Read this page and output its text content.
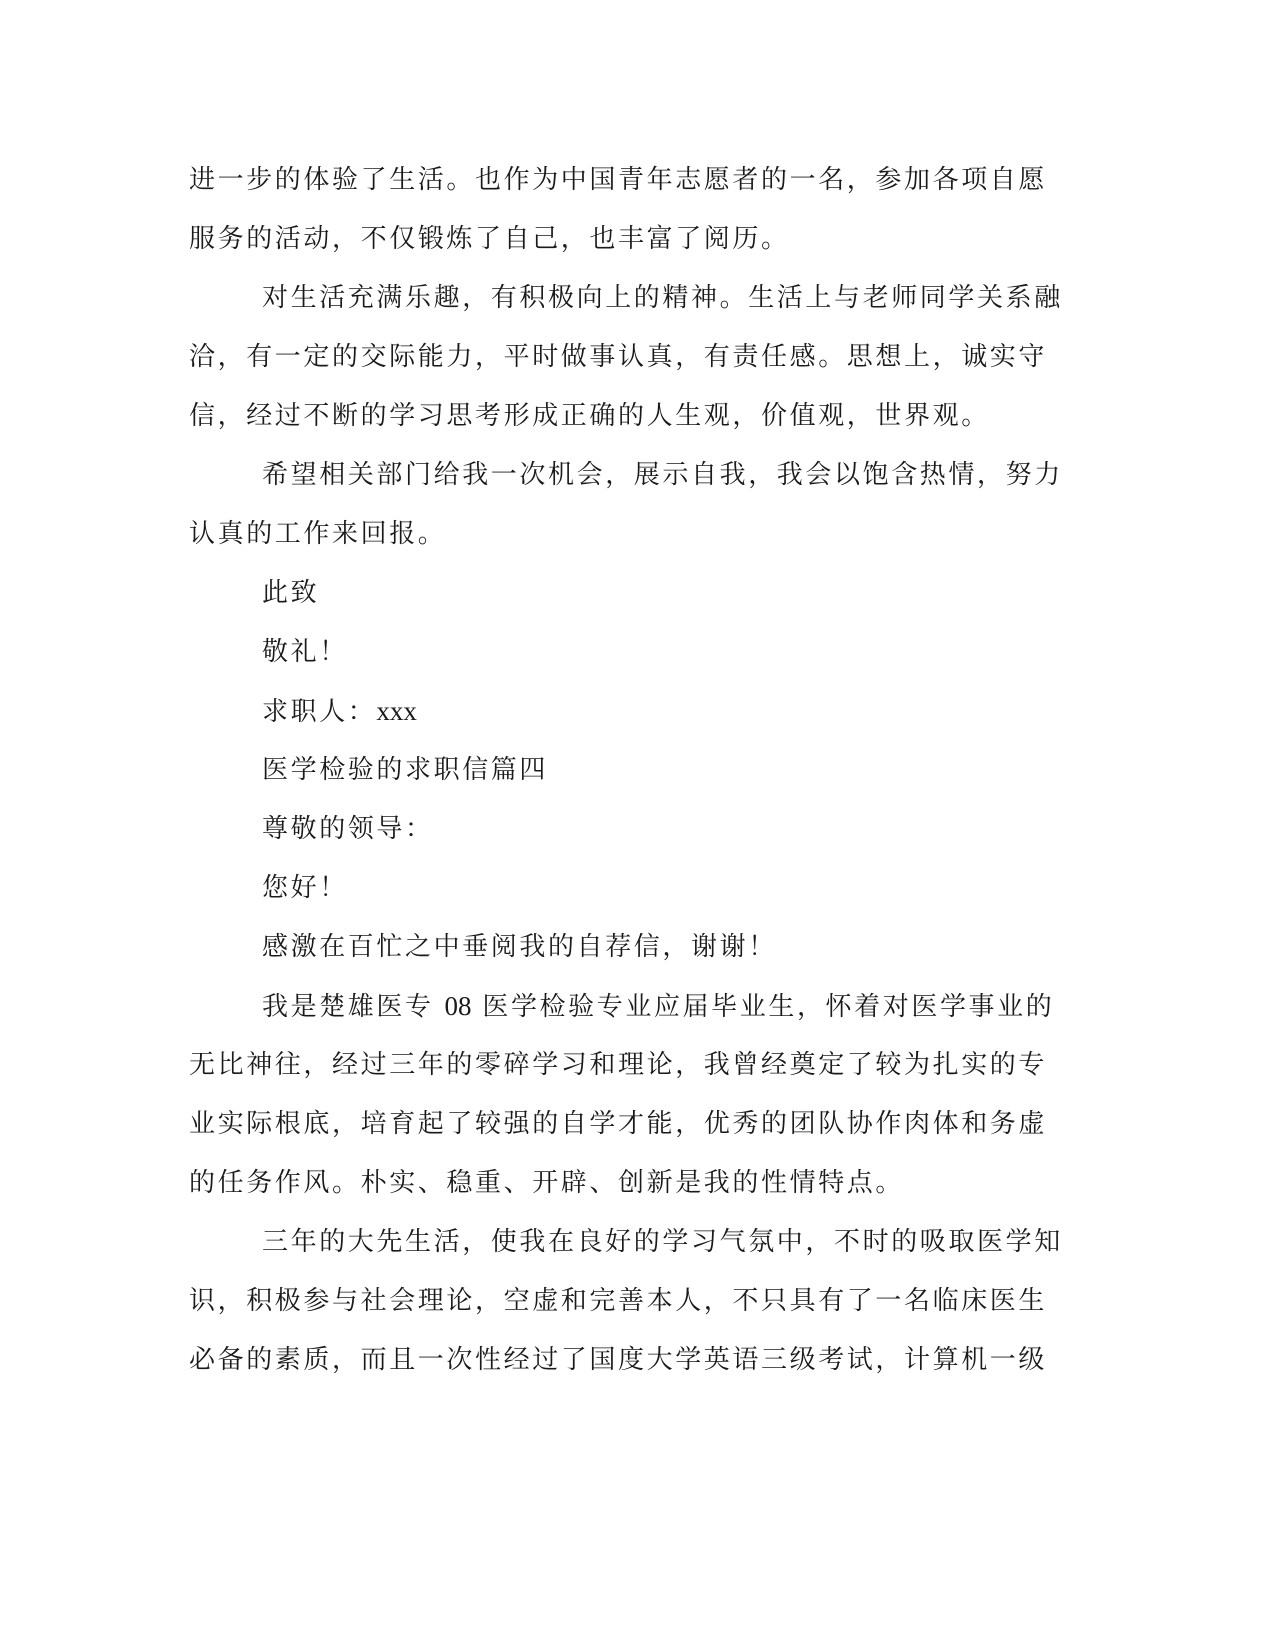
进一步的体验了生活。也作为中国青年志愿者的一名，参加各项自愿
服务的活动，不仅锻炼了自己，也丰富了阅历。
对生活充满乐趣，有积极向上的精神。生活上与老师同学关系融
洽，有一定的交际能力，平时做事认真，有责任感。思想上，诚实守
信，经过不断的学习思考形成正确的人生观，价值观，世界观。
希望相关部门给我一次机会，展示自我，我会以饱含热情，努力
认真的工作来回报。
此致
敬礼！
求职人：xxx
医学检验的求职信篇四
尊敬的领导：
您好！
感激在百忙之中垂阅我的自荐信，谢谢！
我是楚雄医专 08 医学检验专业应届毕业生，怀着对医学事业的
无比神往，经过三年的零碎学习和理论，我曾经奠定了较为扎实的专
业实际根底，培育起了较强的自学才能，优秀的团队协作肉体和务虚
的任务作风。朴实、稳重、开辟、创新是我的性情特点。
三年的大先生活，使我在良好的学习气氛中，不时的吸取医学知
识，积极参与社会理论，空虚和完善本人，不只具有了一名临床医生
必备的素质，而且一次性经过了国度大学英语三级考试，计算机一级
